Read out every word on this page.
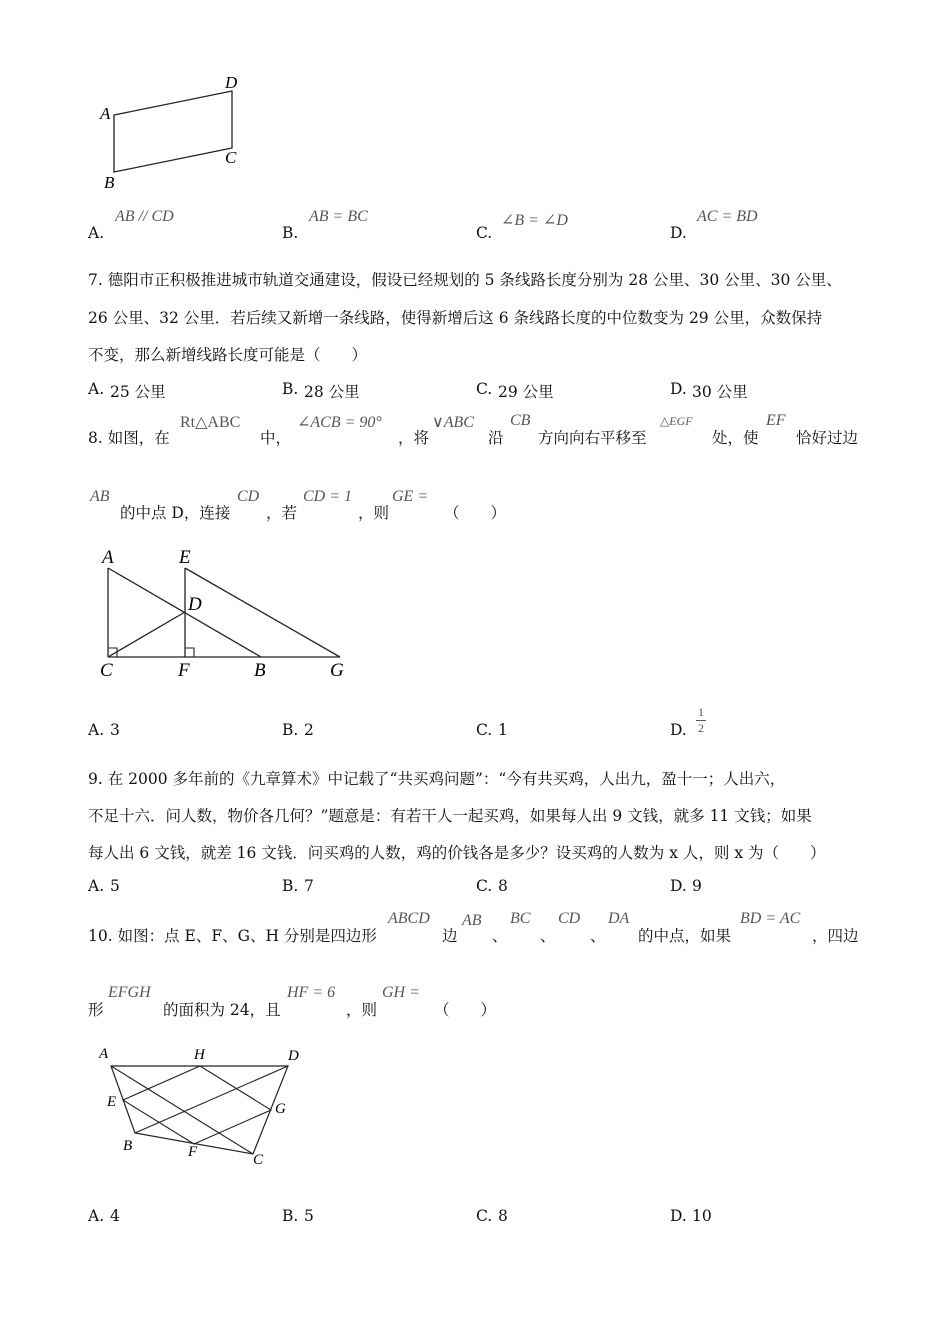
A
D
C
B
A.
AB // CD
B.
AB = BC
C.
∠B = ∠D
D.
AC = BD
7. 德阳市正积极推进城市轨道交通建设，假设已经规划的 5 条线路长度分别为 28 公里、30 公里、30 公里、
26 公里、32 公里．若后续又新增一条线路，使得新增后这 6 条线路长度的中位数变为 29 公里，众数保持
不变，那么新增线路长度可能是（　　）
A. 25 公里	B. 28 公里	C. 29 公里	D. 30 公里
8. 如图，在
Rt△ABC
中，
∠ACB = 90°
，将
∨ABC
沿
CB
方向向右平移至
△EGF
处，使
EF
恰好过边
AB
的中点 D，连接
CD
，若
CD = 1
，则
GE =
（　　）
A	E
D
C	F	B	G
A. 3	B. 2	C. 1	D.
1
2
9. 在 2000 多年前的《九章算术》中记载了“共买鸡问题”：“今有共买鸡，人出九，盈十一；人出六，
不足十六．问人数，物价各几何？”题意是：有若干人一起买鸡，如果每人出 9 文钱，就多 11 文钱；如果
每人出 6 文钱，就差 16 文钱．问买鸡的人数，鸡的价钱各是多少？设买鸡的人数为 x 人，则 x 为（　　）
A. 5	B. 7	C. 8	D. 9
10. 如图：点 E、F、G、H 分别是四边形
ABCD
边
AB
、
BC
、
CD
、
DA
的中点，如果
BD = AC
，四边
形
EFGH
的面积为 24，且
HF = 6
，则
GH =
（　　）
A	H	D
E	G
B	F	C
A. 4	B. 5	C. 8	D. 10
